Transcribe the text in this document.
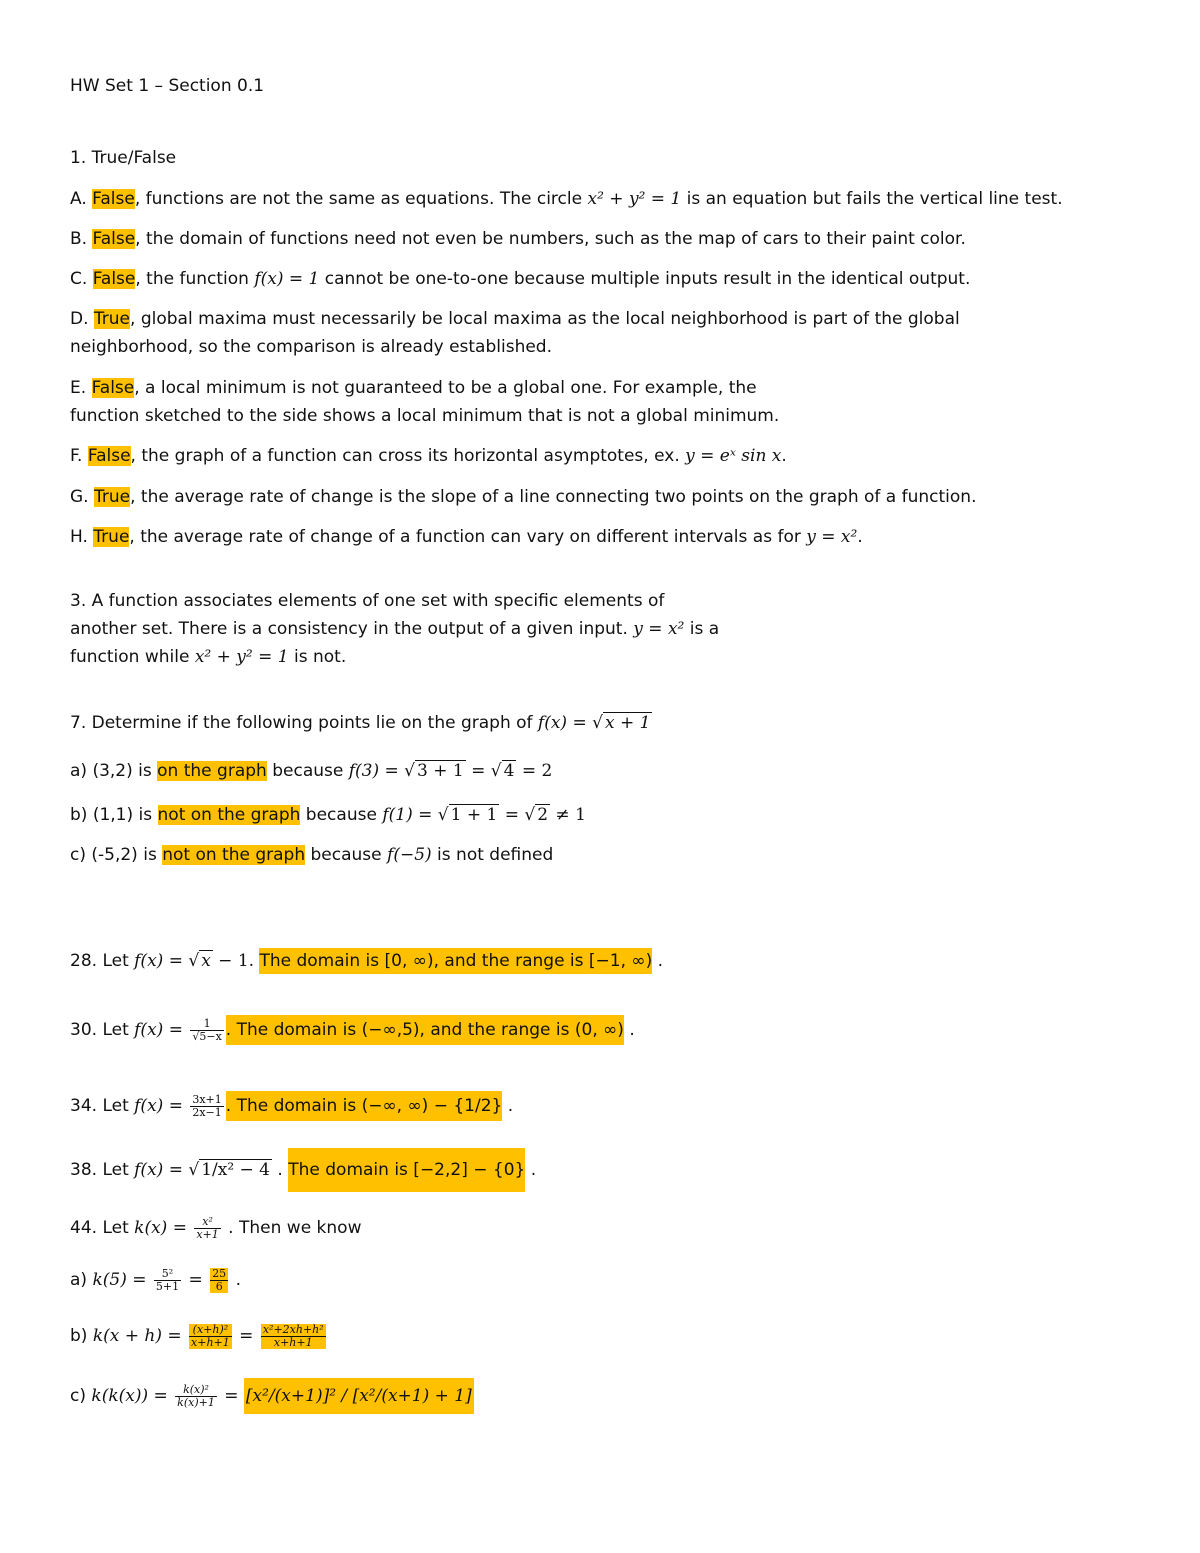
HW Set 1 – Section 0.1
1. True/False
A. False, functions are not the same as equations. The circle x² + y² = 1 is an equation but fails the vertical line test.
B. False, the domain of functions need not even be numbers, such as the map of cars to their paint color.
C. False, the function f(x) = 1 cannot be one-to-one because multiple inputs result in the identical output.
D. True, global maxima must necessarily be local maxima as the local neighborhood is part of the global
neighborhood, so the comparison is already established.
E. False, a local minimum is not guaranteed to be a global one. For example, the
function sketched to the side shows a local minimum that is not a global minimum.
F. False, the graph of a function can cross its horizontal asymptotes, ex. y = eˣ sin x.
G. True, the average rate of change is the slope of a line connecting two points on the graph of a function.
H. True, the average rate of change of a function can vary on different intervals as for y = x².
3. A function associates elements of one set with specific elements of
another set. There is a consistency in the output of a given input. y = x² is a
function while x² + y² = 1 is not.
7. Determine if the following points lie on the graph of f(x) = √ x + 1
a) (3,2) is on the graph because f(3) = √ 3 + 1 = √ 4 = 2
b) (1,1) is not on the graph because f(1) = √ 1 + 1 = √ 2 ≠ 1
c) (-5,2) is not on the graph because f(−5) is not defined
28. Let f(x) = √ x − 1. The domain is [0, ∞), and the range is [−1, ∞) .
30. Let $f(x) = \frac{1}{√5-x}$ . The domain is (−∞,5), and the range is (0, ∞) .
34. Let $f(x) = \frac{3x+1}{2x-1}$ . The domain is (−∞, ∞) − {1/2} .
38. Let f(x) = √ 1/x² − 4 . The domain is [−2,2] − {0} .
44. Let $k(x) = \frac{\text{x²}}{x+1}$ . Then we know
a) $k(5) = \frac{\text{5²}}{5+1} = \frac{25}{6}$ .
b) $k(x + h) = \frac{\text{(x+h)²}}{x+h+1} = \frac{\text{x²+2xh+h²}}{x+h+1}$
c) $k(k(x)) = \frac{\text{k(x)²}}{k(x)+1} = [x^2/(x+1)]^2 / [x^2/(x+1) + 1]$
